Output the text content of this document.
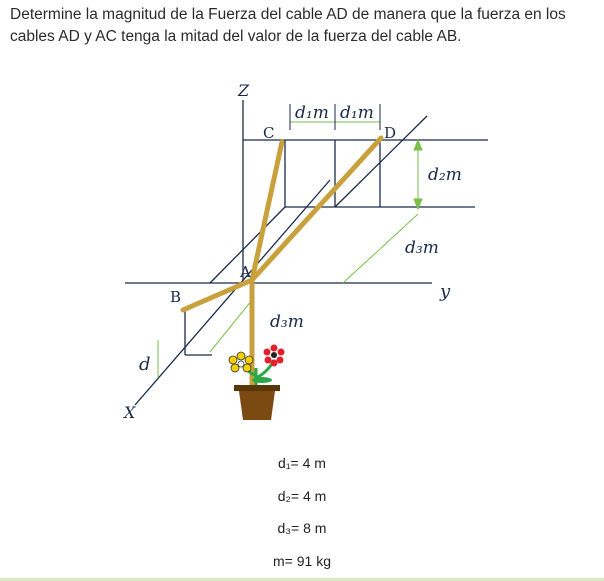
Determine la magnitud de la Fuerza del cable AD de manera que la fuerza en los
cables AD y AC tenga la mitad del valor de la fuerza del cable AB.
Z
y
X
A
B
C	D
d₁m d₁m
d₂m
d₃m
d₃m
d
d₁= 4 m
d₂= 4 m
d₃= 8 m
m= 91 kg
